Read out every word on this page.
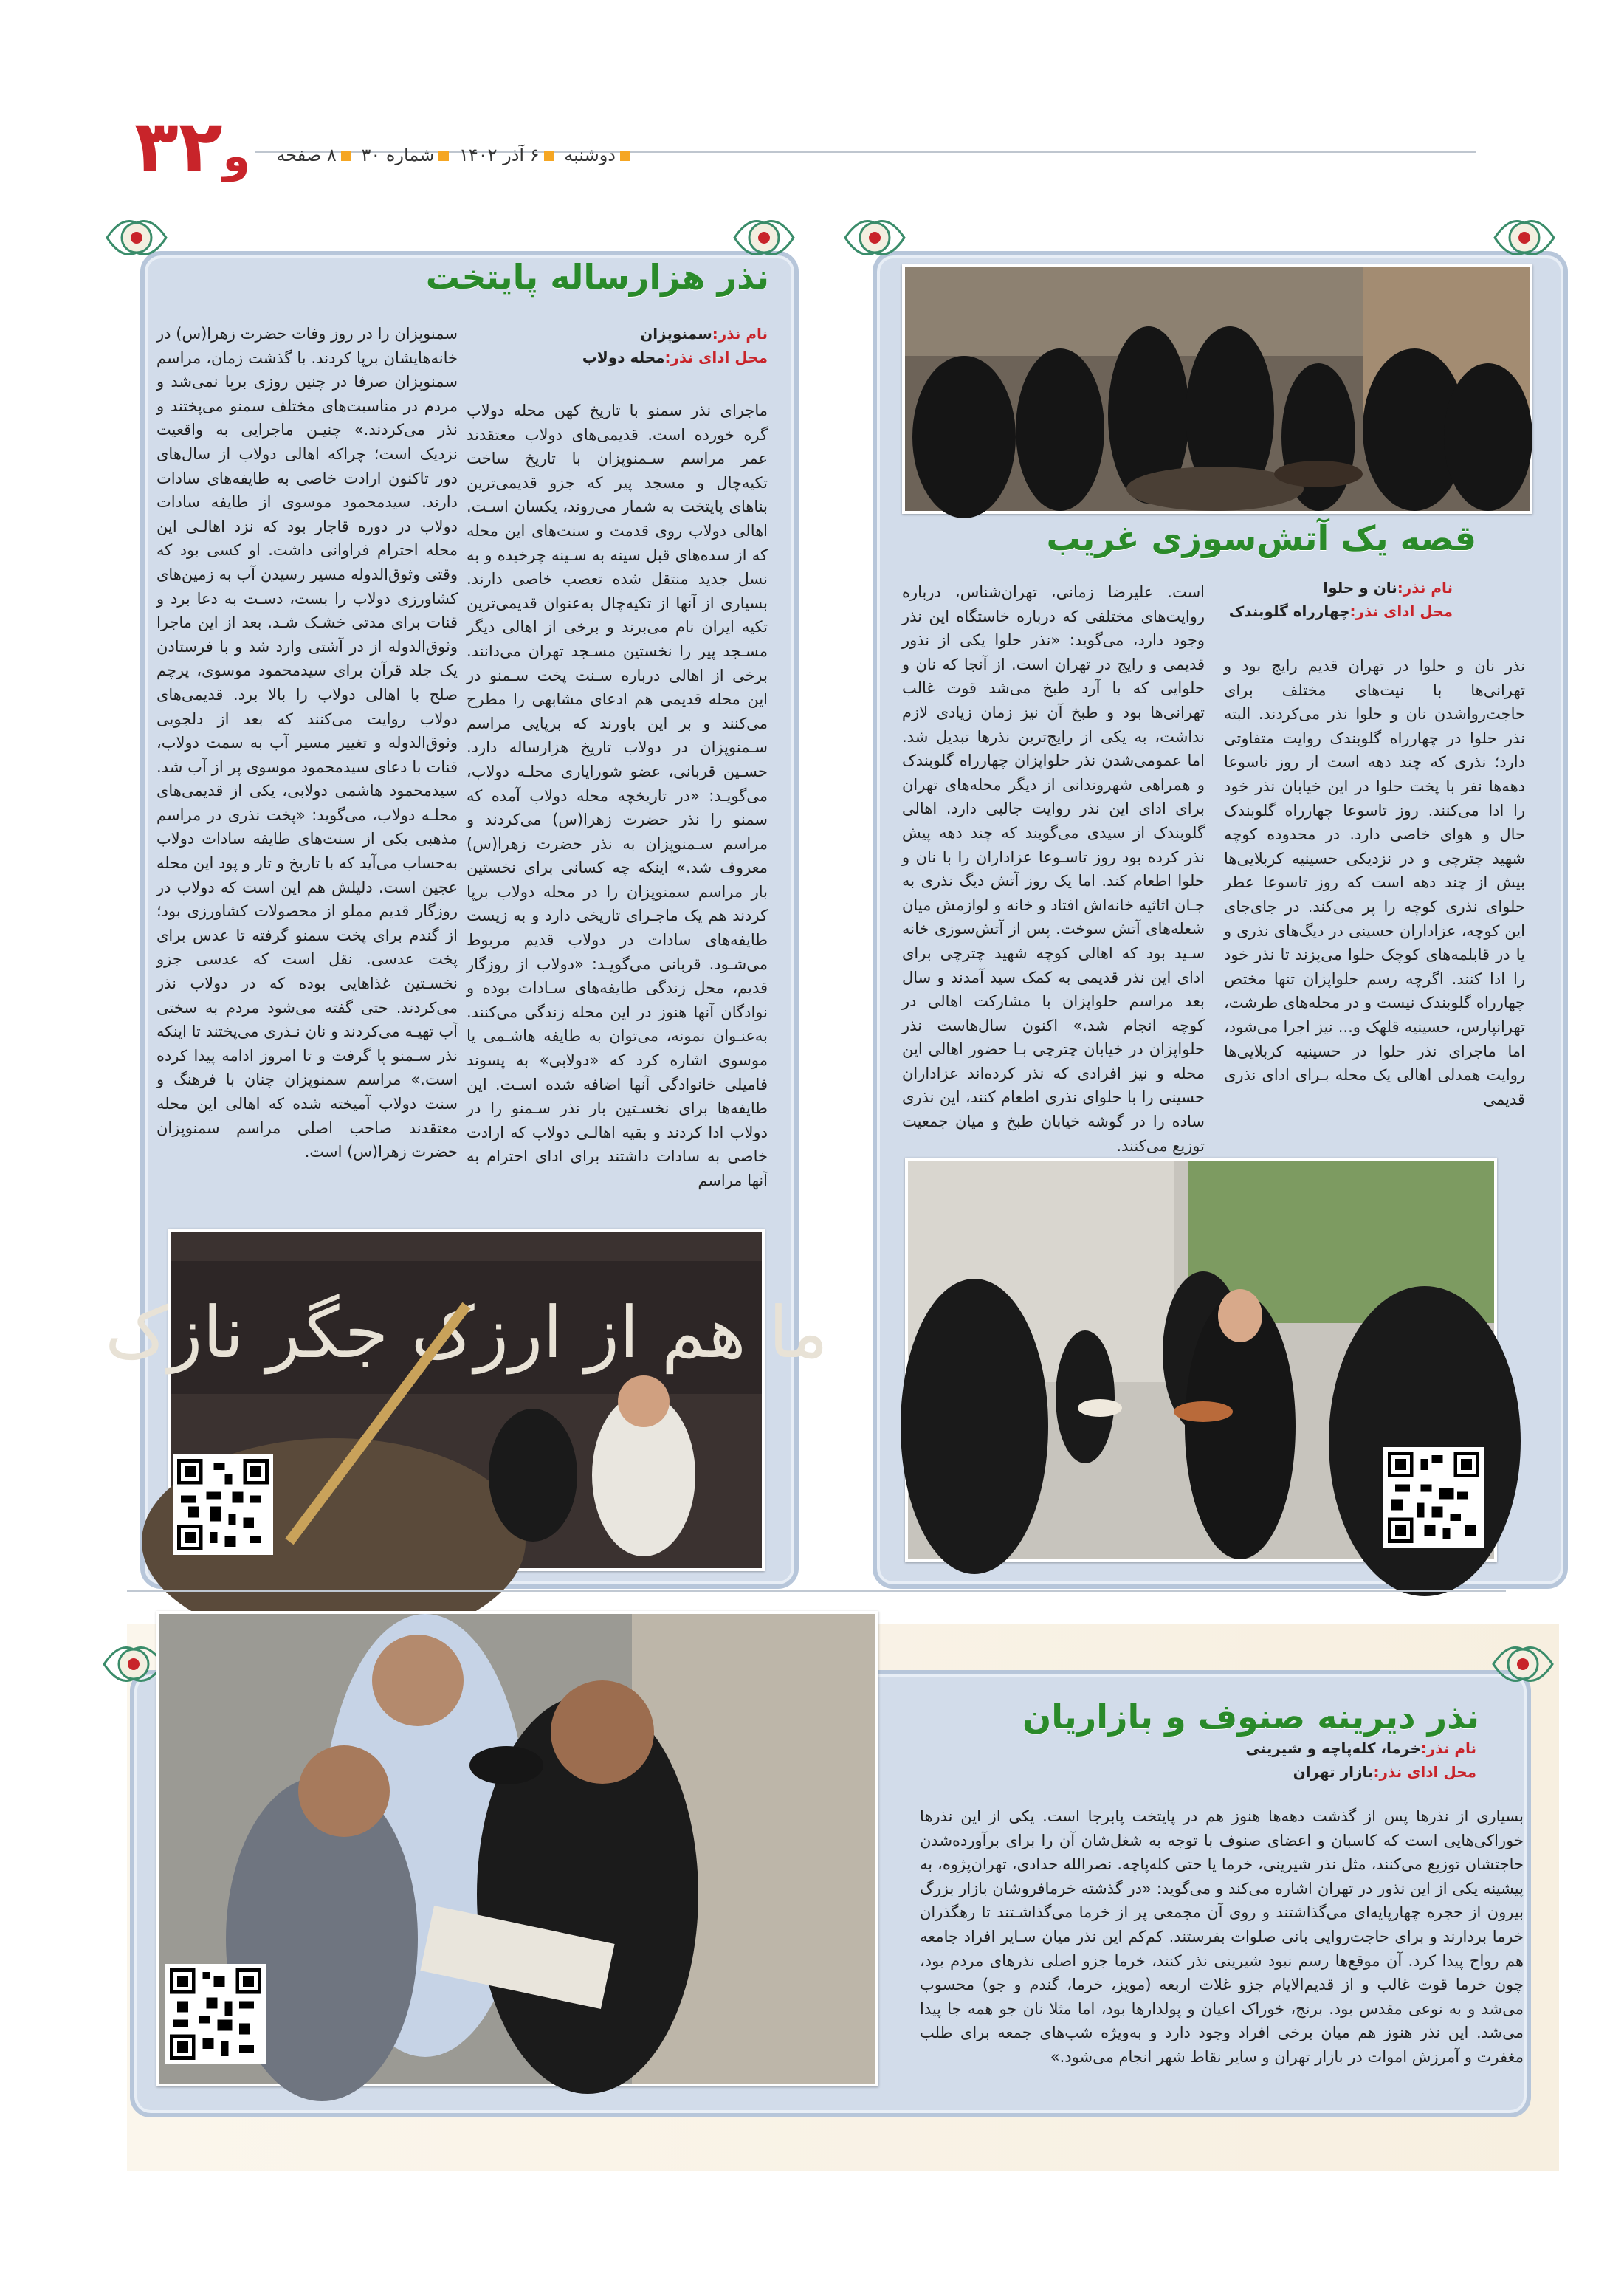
۳ و۲	دوشنبه ۶ آذر ۱۴۰۲ شماره ۳۰ ۸ صفحه
قصه یک آتش‌سوزی غریب
نام نذر:نان و حلوا
محل ادای نذر:چهارراه گلوبندک
نذر نان و حلوا در تهران قدیم رایج بود و تهرانی‌ها با نیت‌های مختلف برای حاجت‌رواشدن نان و حلوا نذر می‌کردند. البته نذر حلوا در چهارراه گلوبندک روایت متفاوتی دارد؛ نذری که چند دهه است از روز تاسوعا دهه‌ها نفر با پخت حلوا در این خیابان نذر خود را ادا می‌کنند. روز تاسوعا چهارراه گلوبندک حال و هوای خاصی دارد. در محدوده کوچه شهید چترچی و در نزدیکی حسینیه کربلایی‌ها بیش از چند دهه است که روز تاسوعا عطر حلوای نذری کوچه را پر می‌کند. در جای‌جای این کوچه، عزاداران حسینی در دیگ‌های نذری و یا در قابلمه‌های کوچک حلوا می‌پزند تا نذر خود را ادا کنند. اگرچه رسم حلواپزان تنها مختص چهارراه گلوبندک نیست و در محله‌های طرشت، تهرانپارس، حسینیه قلهک و... نیز اجرا می‌شود، اما ماجرای نذر حلوا در حسینیه کربلایی‌ها روایت همدلی اهالی یک محله بـرای ادای نذری قدیمی
است. علیرضا زمانی، تهران‌شناس، درباره روایت‌های مختلفی که درباره خاستگاه این نذر وجود دارد، می‌گوید: «نذر حلوا یکی از نذور قدیمی و رایج در تهران است. از آنجا که نان و حلوایی که با آرد طبخ می‌شد قوت غالب تهرانی‌ها بود و طبخ آن نیز زمان زیادی لازم نداشت، به یکی از رایج‌ترین نذرها تبدیل شد. اما عمومی‌شدن نذر حلواپزان چهارراه گلوبندک و همراهی شهروندانی از دیگر محله‌های تهران برای ادای این نذر روایت جالبی دارد. اهالی گلوبندک از سیدی می‌گویند که چند دهه پیش نذر کرده بود روز تاسـوعا عزاداران را با نان و حلوا اطعام کند. اما یک روز آتش دیگ نذری به جـان اثاثیه خانه‌اش افتاد و خانه و لوازمش میان شعله‌های آتش سوخت. پس از آتش‌سوزی خانه سـید بود که اهالی کوچه شهید چترچی برای ادای این نذر قدیمی به کمک سید آمدند و سال بعد مراسم حلواپزان با مشارکت اهالی در کوچه انجام شد.» اکنون سال‌هاست نذر حلواپزان در خیابان چترچی بـا حضور اهالی این محله و نیز افرادی که نذر کرده‌اند عزاداران حسینی را با حلوای نذری اطعام کنند، این نذری ساده را در گوشه خیابان طبخ و میان جمعیت توزیع می‌کنند.
نذر هزارساله پایتخت
نام نذر:سمنوپزان
محل ادای نذر:محله دولاب
ماجرای نذر سمنو با تاریخ کهن محله دولاب گره خورده است. قدیمی‌های دولاب معتقدند عمر مراسم سـمنوپزان با تاریخ ساخت تکیه‌چال و مسجد پیر که جزو قدیمی‌ترین بناهای پایتخت به شمار می‌روند، یکسان اسـت. اهالی دولاب روی قدمت و سنت‌های این محله که از سده‌های قبل سینه به سـینه چرخیده و به نسل جدید منتقل شده تعصب خاصی دارند. بسیاری از آنها از تکیه‌چال به‌عنوان قدیمی‌ترین تکیه ایران نام می‌برند و برخی از اهالی دیگر مسـجد پیر را نخستین مسـجد تهران می‌دانند. برخی از اهالی درباره سـنت پخت سـمنو در این محله قدیمی هم ادعای مشابهی را مطرح می‌کنند و بر این باورند که برپایی مراسم سـمنوپزان در دولاب تاریخ هزارساله دارد. حسـین قربانی، عضو شورایاری محلـه دولاب، می‌گویـد: «در تاریخچه محله دولاب آمده که سمنو را نذر حضرت زهرا(س) می‌کردند و مراسم سـمنوپزان به نذر حضرت زهرا(س) معروف شد.» اینکه چه کسانی برای نخستین بار مراسم سمنوپزان را در محله دولاب برپا کردند هم یک ماجـرای تاریخی دارد و به زیست طایفه‌های سادات در دولاب قدیم مربوط می‌شـود. قربانی می‌گویـد: «دولاب از روزگار قدیم، محل زندگی طایفه‌های سـادات بوده و نوادگان آنها هنوز در این محله زندگی می‌کنند. به‌عنـوان نمونه، می‌توان به طایفه هاشـمی یا موسوی اشاره کرد که «دولابی» به پسوند فامیلی خانوادگی آنها اضافه شده اسـت. این طایفه‌ها برای نخسـتین بار نذر سـمنو را در دولاب ادا کردند و بقیه اهالـی دولاب که ارادت خاصی به سادات داشتند برای ادای احترام به آنها مراسم
سمنوپزان را در روز وفات حضرت زهرا(س) در خانه‌هایشان برپا کردند. با گذشت زمان، مراسم سمنوپزان صرفا در چنین روزی برپا نمی‌شد و مردم در مناسبت‌های مختلف سمنو می‌پختند و نذر می‌کردند.» چنیـن ماجرایی به واقعیت نزدیک است؛ چراکه اهالی دولاب از سال‌های دور تاکنون ارادت خاصی به طایفه‌های سادات دارند. سیدمحمود موسوی از طایفه سادات دولاب در دوره قاجار بود که نزد اهالـی این محله احترام فراوانی داشت. او کسی بود که وقتی وثوق‌الدوله مسیر رسیدن آب به زمین‌های کشاورزی دولاب را بست، دسـت به دعا برد و قنات برای مدتی خشـک شـد. بعد از این ماجرا وثوق‌الدوله از در آشتی وارد شد و با فرستادن یک جلد قرآن برای سیدمحمود موسوی، پرچم صلح با اهالی دولاب را بالا برد. قدیمی‌های دولاب روایت می‌کنند که بعد از دلجویی وثوق‌الدوله و تغییر مسیر آب به سمت دولاب، قنات با دعای سیدمحمود موسوی پر از آب شد. سیدمحمود هاشمی دولابی، یکی از قدیمی‌های محلـه دولاب، می‌گوید: «پخت نذری در مراسم مذهبی یکی از سنت‌های طایفه سادات دولاب به‌حساب می‌آید که با تاریخ و تار و پود این محله عجین است. دلیلش هم این است که دولاب در روزگار قدیم مملو از محصولات کشاورزی بود؛ از گندم برای پخت سمنو گرفته تا عدس برای پخت عدسی. نقل است که عدسی جزو نخسـتین غذاهایی بوده که در دولاب نذر می‌کردند. حتی گفته می‌شود مردم به سختی آب تهیـه می‌کردند و نان نـذری می‌پختند تا اینکه نذر سـمنو پا گرفت و تا امروز ادامه پیدا کرده است.» مراسم سمنوپزان چنان با فرهنگ و سنت دولاب آمیخته شده که اهالی این محله معتقدند صاحب اصلی مراسم سمنوپزان حضرت زهرا(س) است.
ما هم از ارزک جگر نازک
نذر دیرینه صنوف و بازاریان
نام نذر:خرما، کله‌پاچه و شیرینی
محل ادای نذر:بازار تهران
بسیاری از نذرها پس از گذشت دهه‌ها هنوز هم در پایتخت پابرجا است. یکی از این نذرها خوراکی‌هایی است که کاسبان و اعضای صنوف با توجه به شغل‌شان آن را برای برآورده‌شدن حاجتشان توزیع می‌کنند، مثل نذر شیرینی، خرما یا حتی کله‌پاچه. نصرالله حدادی، تهران‌پژوه، به پیشینه یکی از این نذور در تهران اشاره می‌کند و می‌گوید: «در گذشته خرمافروشان بازار بزرگ بیرون از حجره چهارپایه‌ای می‌گذاشتند و روی آن مجمعی پر از خرما می‌گذاشـتند تا رهگذران خرما بردارند و برای حاجت‌روایی بانی صلوات بفرستند. کم‌کم این نذر میان سـایر افراد جامعه هم رواج پیدا کرد. آن موقع‌ها رسم نبود شیرینی نذر کنند، خرما جزو اصلی نذرهای مردم بود، چون خرما قوت غالب و از قدیم‌الایام جزو غلات اربعه (مویز، خرما، گندم و جو) محسوب می‌شد و به نوعی مقدس بود. برنج، خوراک اعیان و پولدارها بود، اما مثلا نان جو همه جا پیدا می‌شد. این نذر هنوز هم میان برخی افراد وجود دارد و به‌ویژه شب‌های جمعه برای طلب مغفرت و آمرزش اموات در بازار تهران و سایر نقاط شهر انجام می‌شود.»
